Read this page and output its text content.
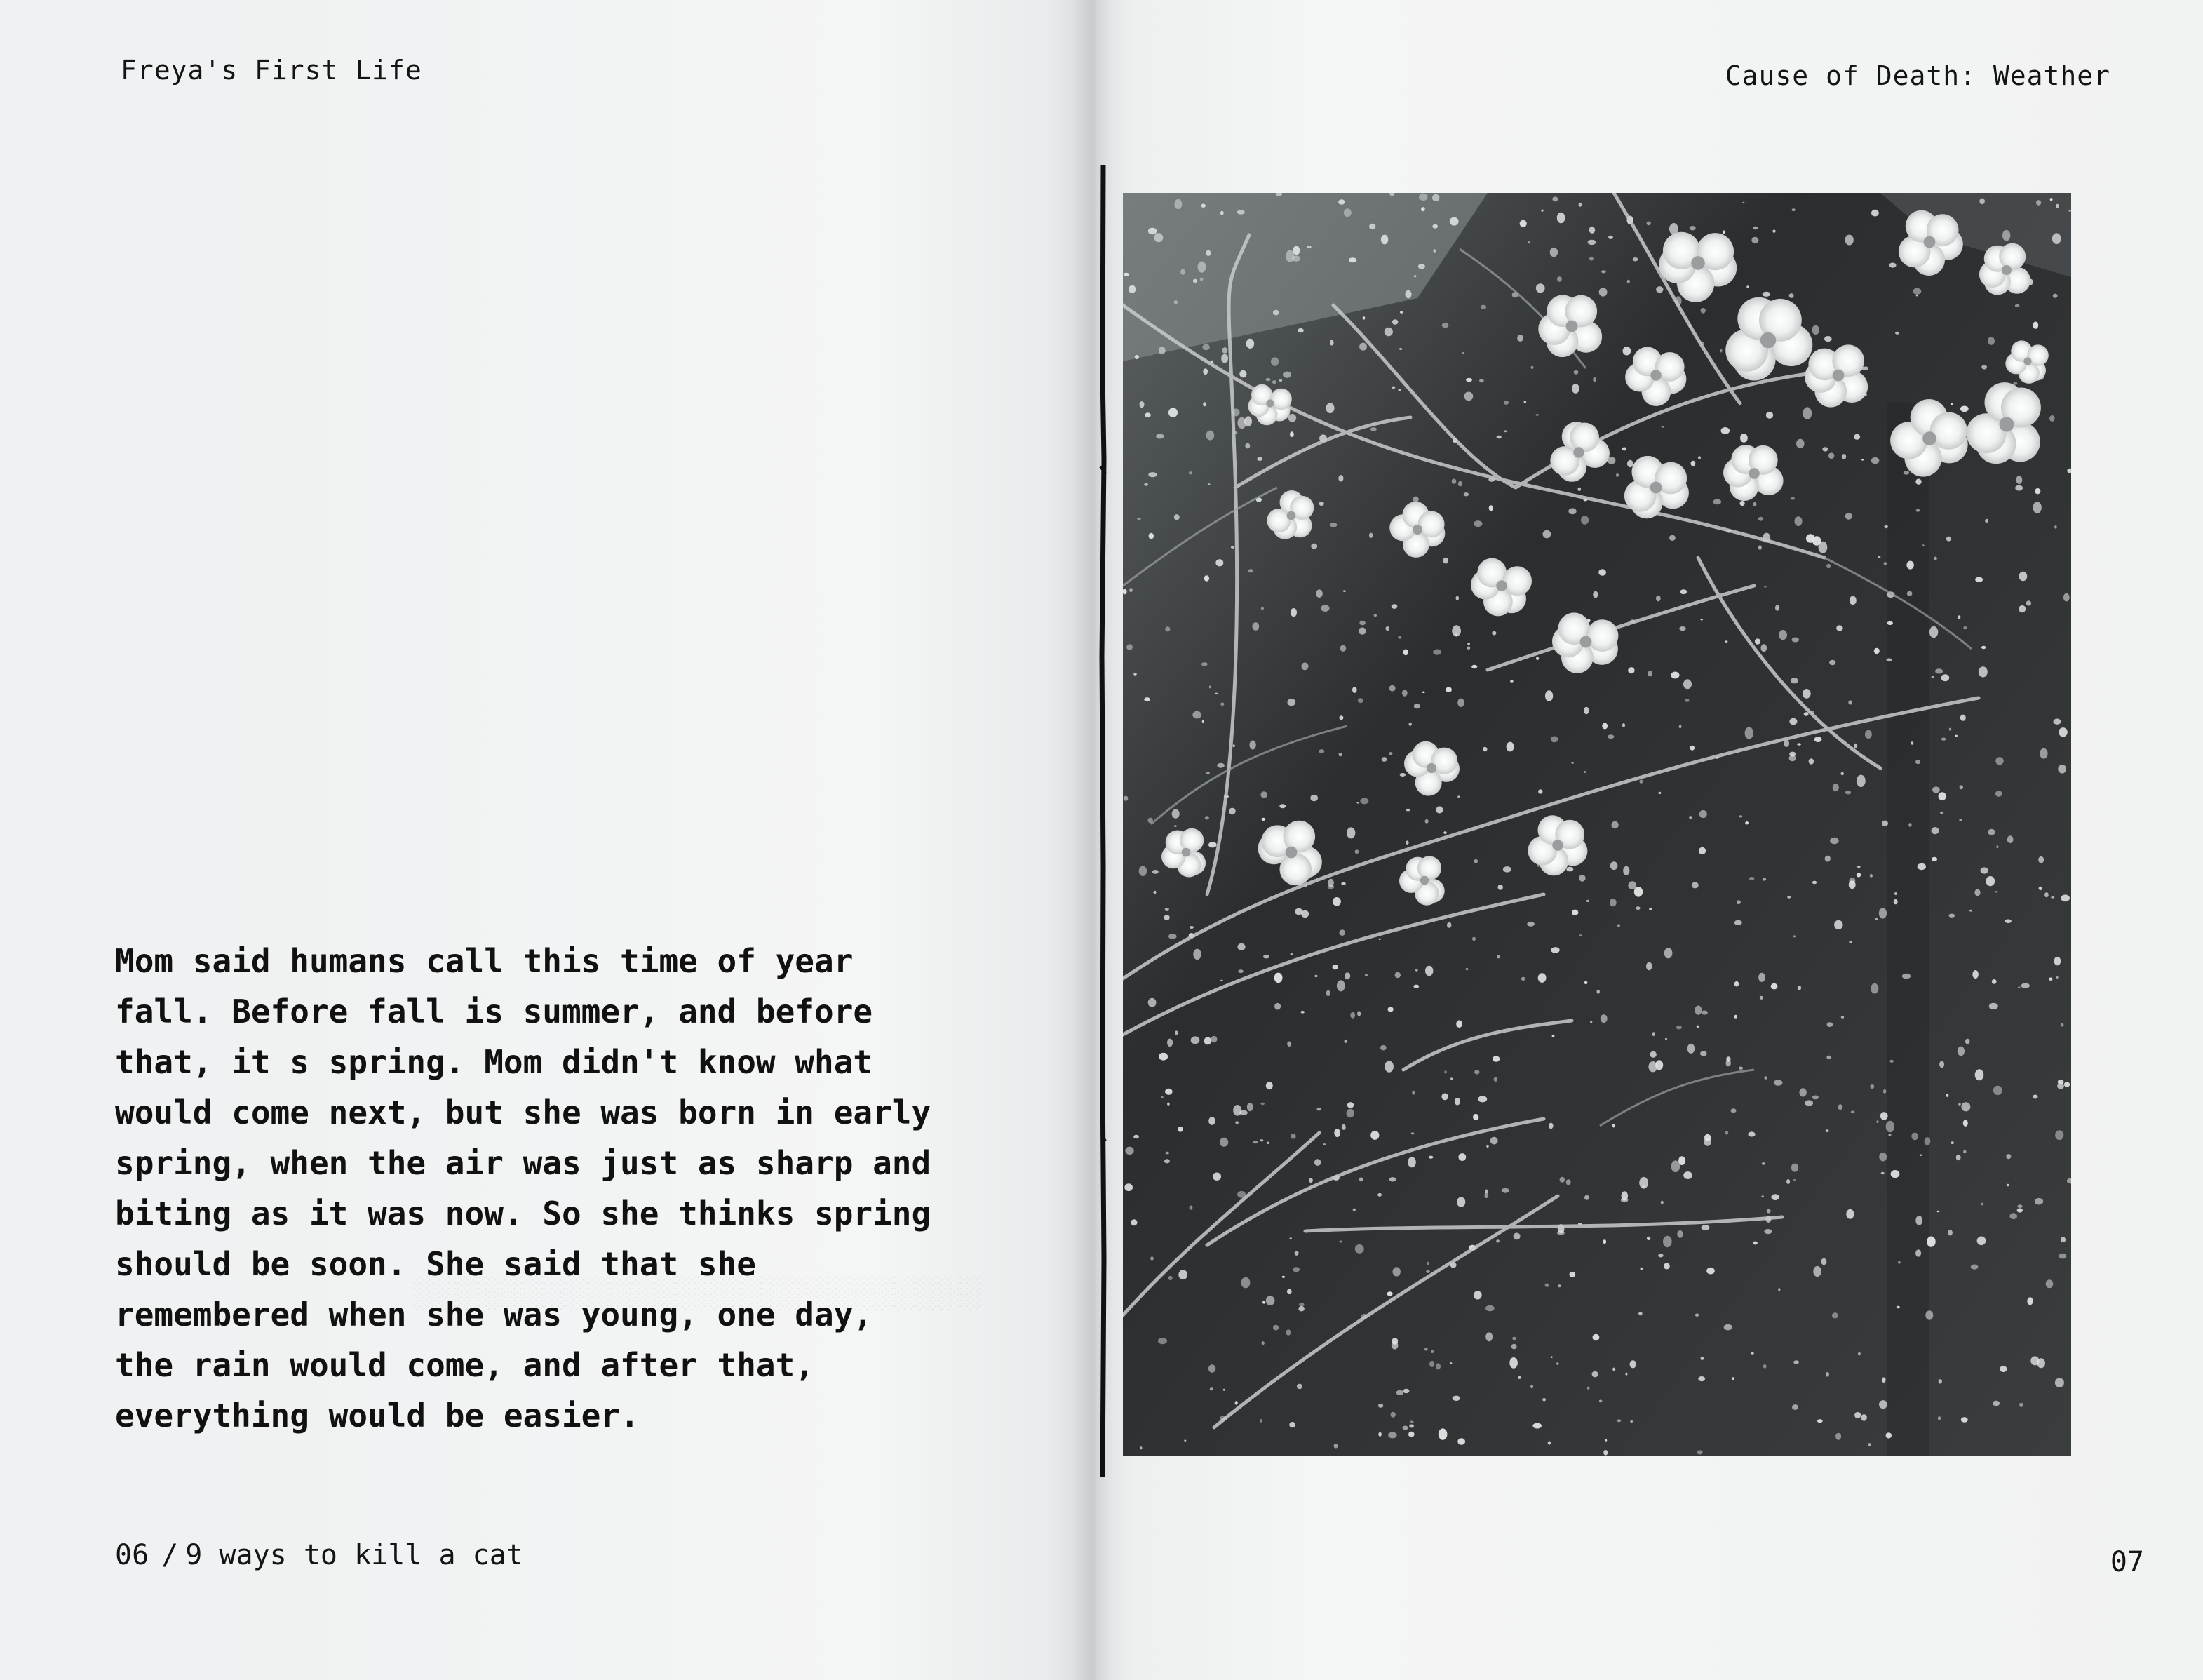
Freya's First Life
Mom said humans call this time of year
fall. Before fall is summer, and before
that, it s spring. Mom didn't know what
would come next, but she was born in early
spring, when the air was just as sharp and
biting as it was now. So she thinks spring
should be soon. She said that she
remembered when she was young, one day,
the rain would come, and after that,
everything would be easier.
06 / 9 ways to kill a cat
Cause of Death: Weather
07
